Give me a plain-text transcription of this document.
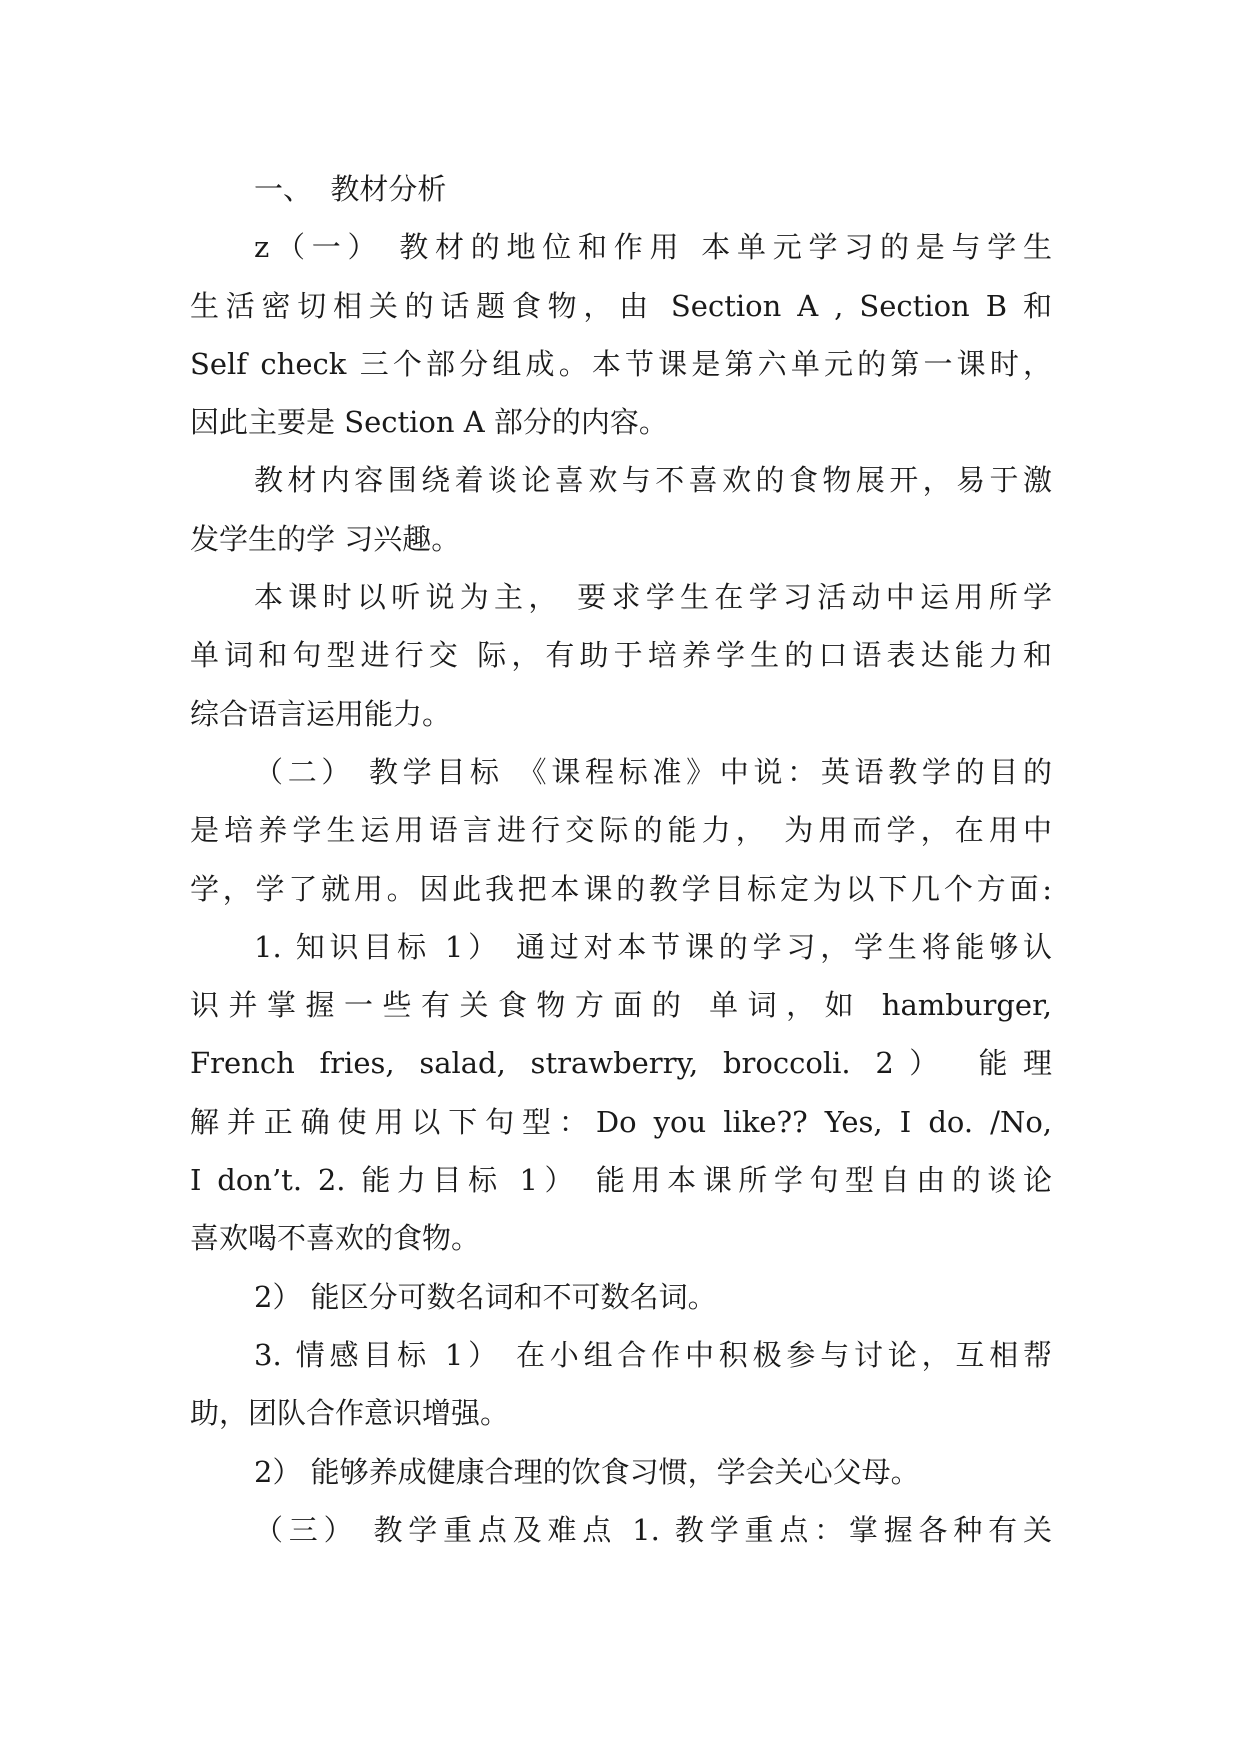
一、  教材分析
z（一） 教材的地位和作用 本单元学习的是与学生
生活密切相关的话题食物，由 Section A , Section B 和
Self check 三个部分组成。本节课是第六单元的第一课时，
因此主要是 Section A 部分的内容。
教材内容围绕着谈论喜欢与不喜欢的食物展开，易于激
发学生的学 习兴趣。
本课时以听说为主， 要求学生在学习活动中运用所学
单词和句型进行交 际，有助于培养学生的口语表达能力和
综合语言运用能力。
（二） 教学目标 《课程标准》中说：英语教学的目的
是培养学生运用语言进行交际的能力， 为用而学，在用中
学，学了就用。因此我把本课的教学目标定为以下几个方面:
1. 知识目标 1） 通过对本节课的学习，学生将能够认
识并掌握一些有关食物方面的 单词，如 hamburger,
French fries, salad, strawberry, broccoli. 2） 能理
解并正确使用以下句型：Do you like?? Yes, I do. /No,
I don’t. 2. 能力目标 1） 能用本课所学句型自由的谈论
喜欢喝不喜欢的食物。
2） 能区分可数名词和不可数名词。
3. 情感目标 1） 在小组合作中积极参与讨论，互相帮
助，团队合作意识增强。
2） 能够养成健康合理的饮食习惯，学会关心父母。
（三） 教学重点及难点 1. 教学重点：掌握各种有关
